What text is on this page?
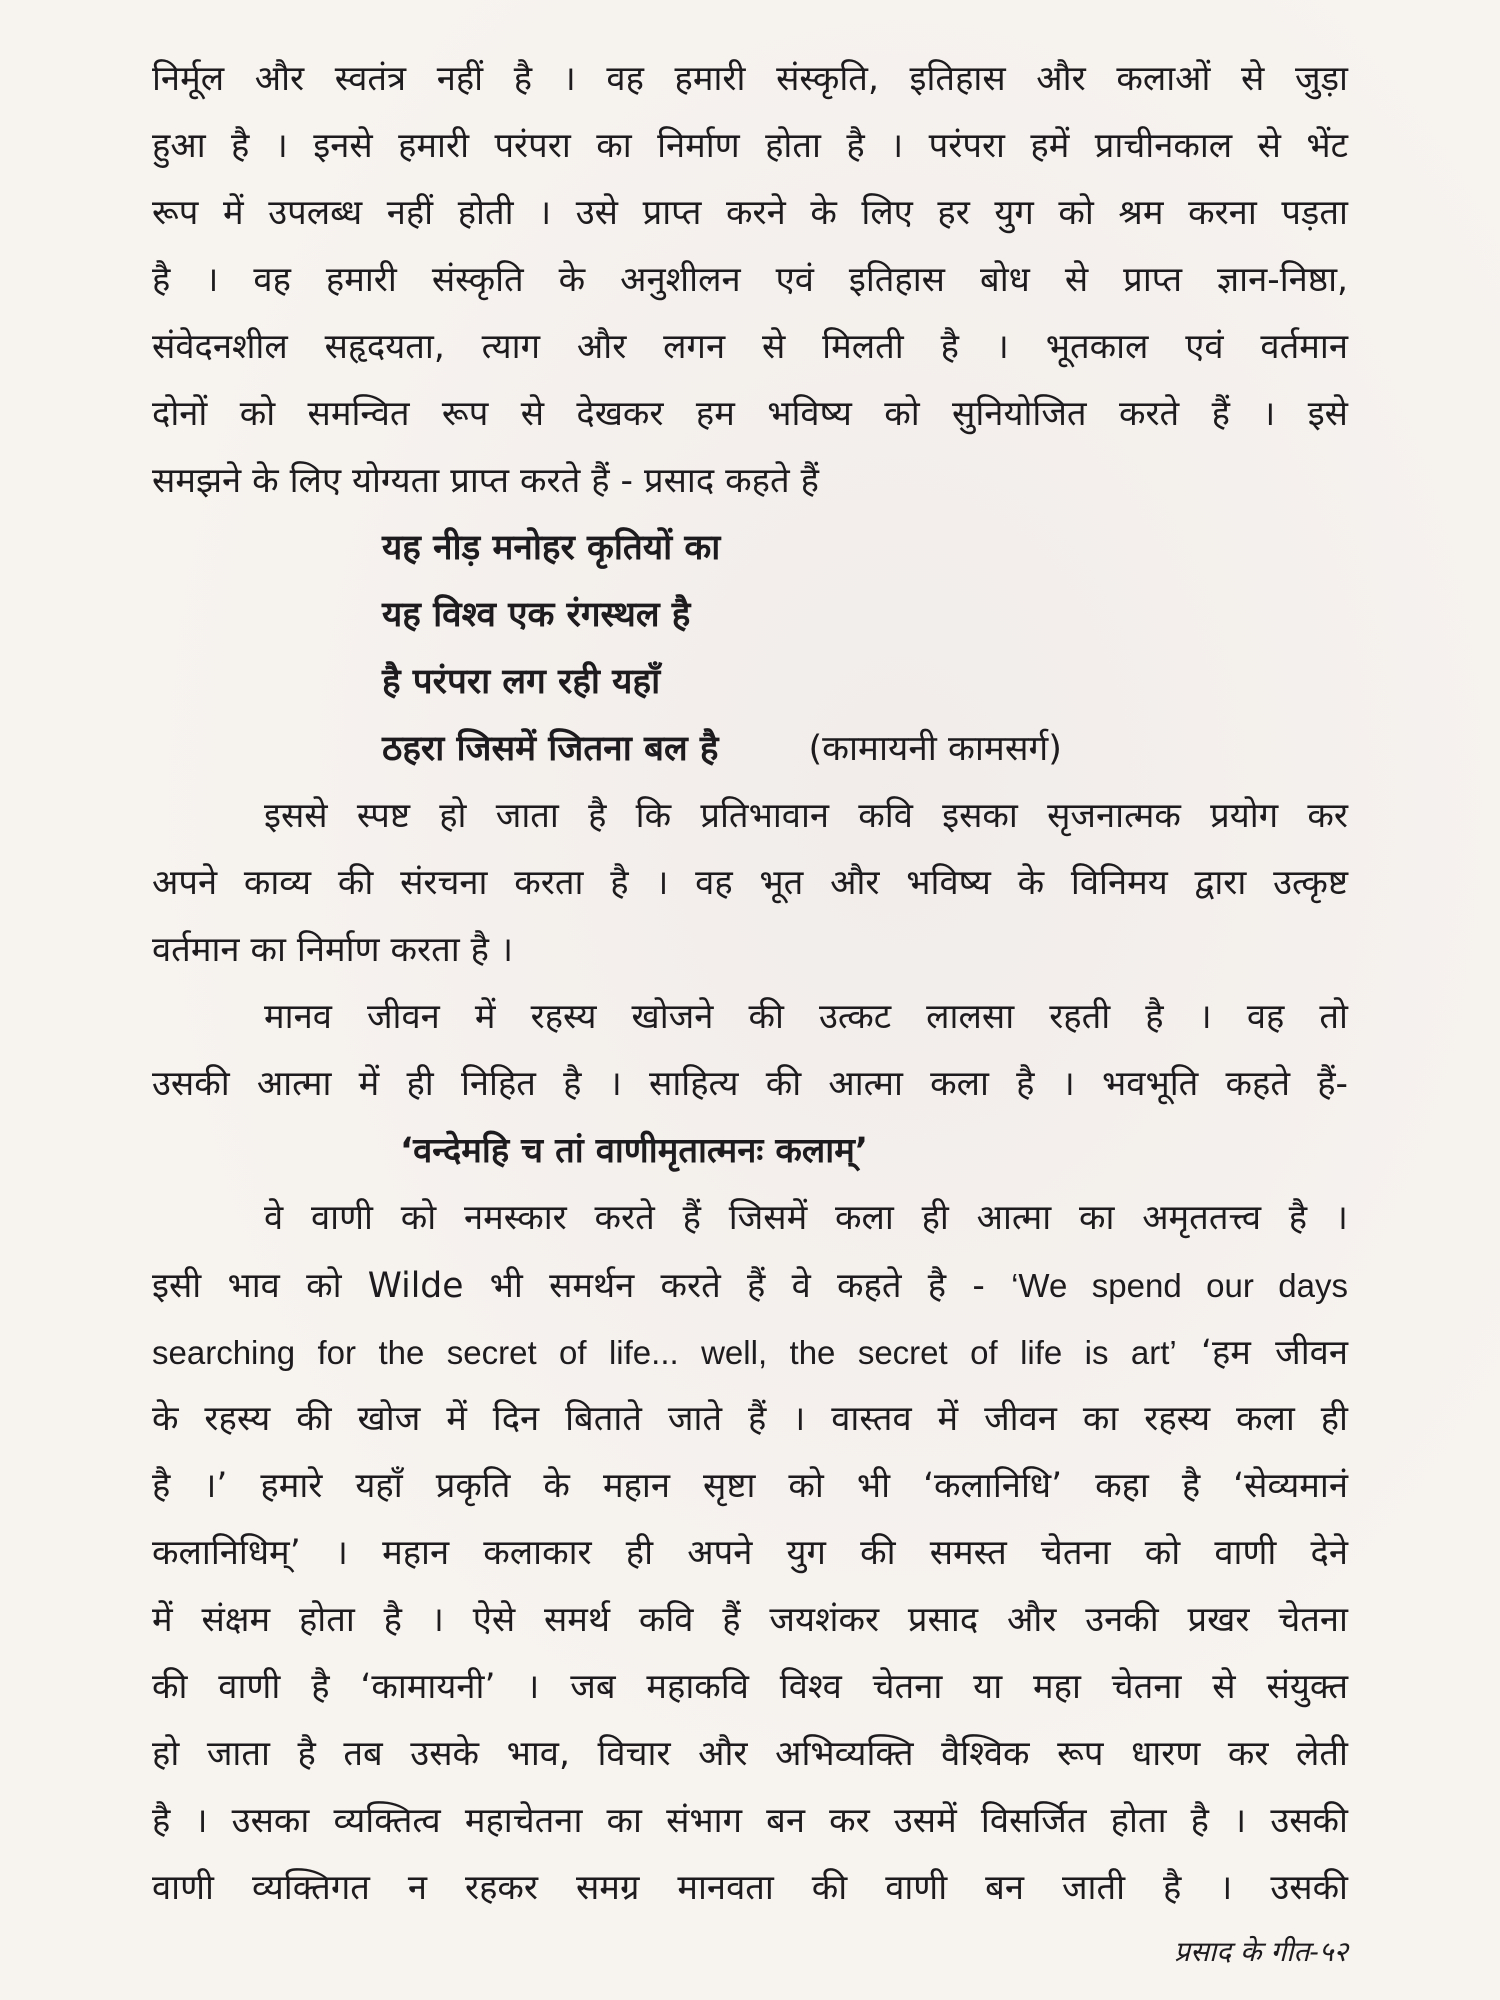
निर्मूल और स्वतंत्र नहीं है । वह हमारी संस्कृति, इतिहास और कलाओं से जुड़ा
हुआ है । इनसे हमारी परंपरा का निर्माण होता है । परंपरा हमें प्राचीनकाल से भेंट
रूप में उपलब्ध नहीं होती । उसे प्राप्त करने के लिए हर युग को श्रम करना पड़ता
है । वह हमारी संस्कृति के अनुशीलन एवं इतिहास बोध से प्राप्त ज्ञान-निष्ठा,
संवेदनशील सहृदयता, त्याग और लगन से मिलती है । भूतकाल एवं वर्तमान
दोनों को समन्वित रूप से देखकर हम भविष्य को सुनियोजित करते हैं । इसे
समझने के लिए योग्यता प्राप्त करते हैं - प्रसाद कहते हैं
यह नीड़ मनोहर कृतियों का
यह विश्व एक रंगस्थल है
है परंपरा लग रही यहाँ
ठहरा जिसमें जितना बल है	(कामायनी कामसर्ग)
इससे स्पष्ट हो जाता है कि प्रतिभावान कवि इसका सृजनात्मक प्रयोग कर
अपने काव्य की संरचना करता है । वह भूत और भविष्य के विनिमय द्वारा उत्कृष्ट
वर्तमान का निर्माण करता है ।
मानव जीवन में रहस्य खोजने की उत्कट लालसा रहती है । वह तो
उसकी आत्मा में ही निहित है । साहित्य की आत्मा कला है । भवभूति कहते हैं-
‘वन्देमहि च तां वाणीमृतात्मनः कलाम्’
वे वाणी को नमस्कार करते हैं जिसमें कला ही आत्मा का अमृततत्त्व है ।
इसी भाव को Wilde भी समर्थन करते हैं वे कहते है - ‘We spend our days
searching for the secret of life... well, the secret of life is art’ ‘हम जीवन
के रहस्य की खोज में दिन बिताते जाते हैं । वास्तव में जीवन का रहस्य कला ही
है ।’ हमारे यहाँ प्रकृति के महान सृष्टा को भी ‘कलानिधि’ कहा है ‘सेव्यमानं
कलानिधिम्’ । महान कलाकार ही अपने युग की समस्त चेतना को वाणी देने
में संक्षम होता है । ऐसे समर्थ कवि हैं जयशंकर प्रसाद और उनकी प्रखर चेतना
की वाणी है ‘कामायनी’ । जब महाकवि विश्व चेतना या महा चेतना से संयुक्त
हो जाता है तब उसके भाव, विचार और अभिव्यक्ति वैश्विक रूप धारण कर लेती
है । उसका व्यक्तित्व महाचेतना का संभाग बन कर उसमें विसर्जित होता है । उसकी
वाणी व्यक्तिगत न रहकर समग्र मानवता की वाणी बन जाती है । उसकी
प्रसाद के गीत-५२
